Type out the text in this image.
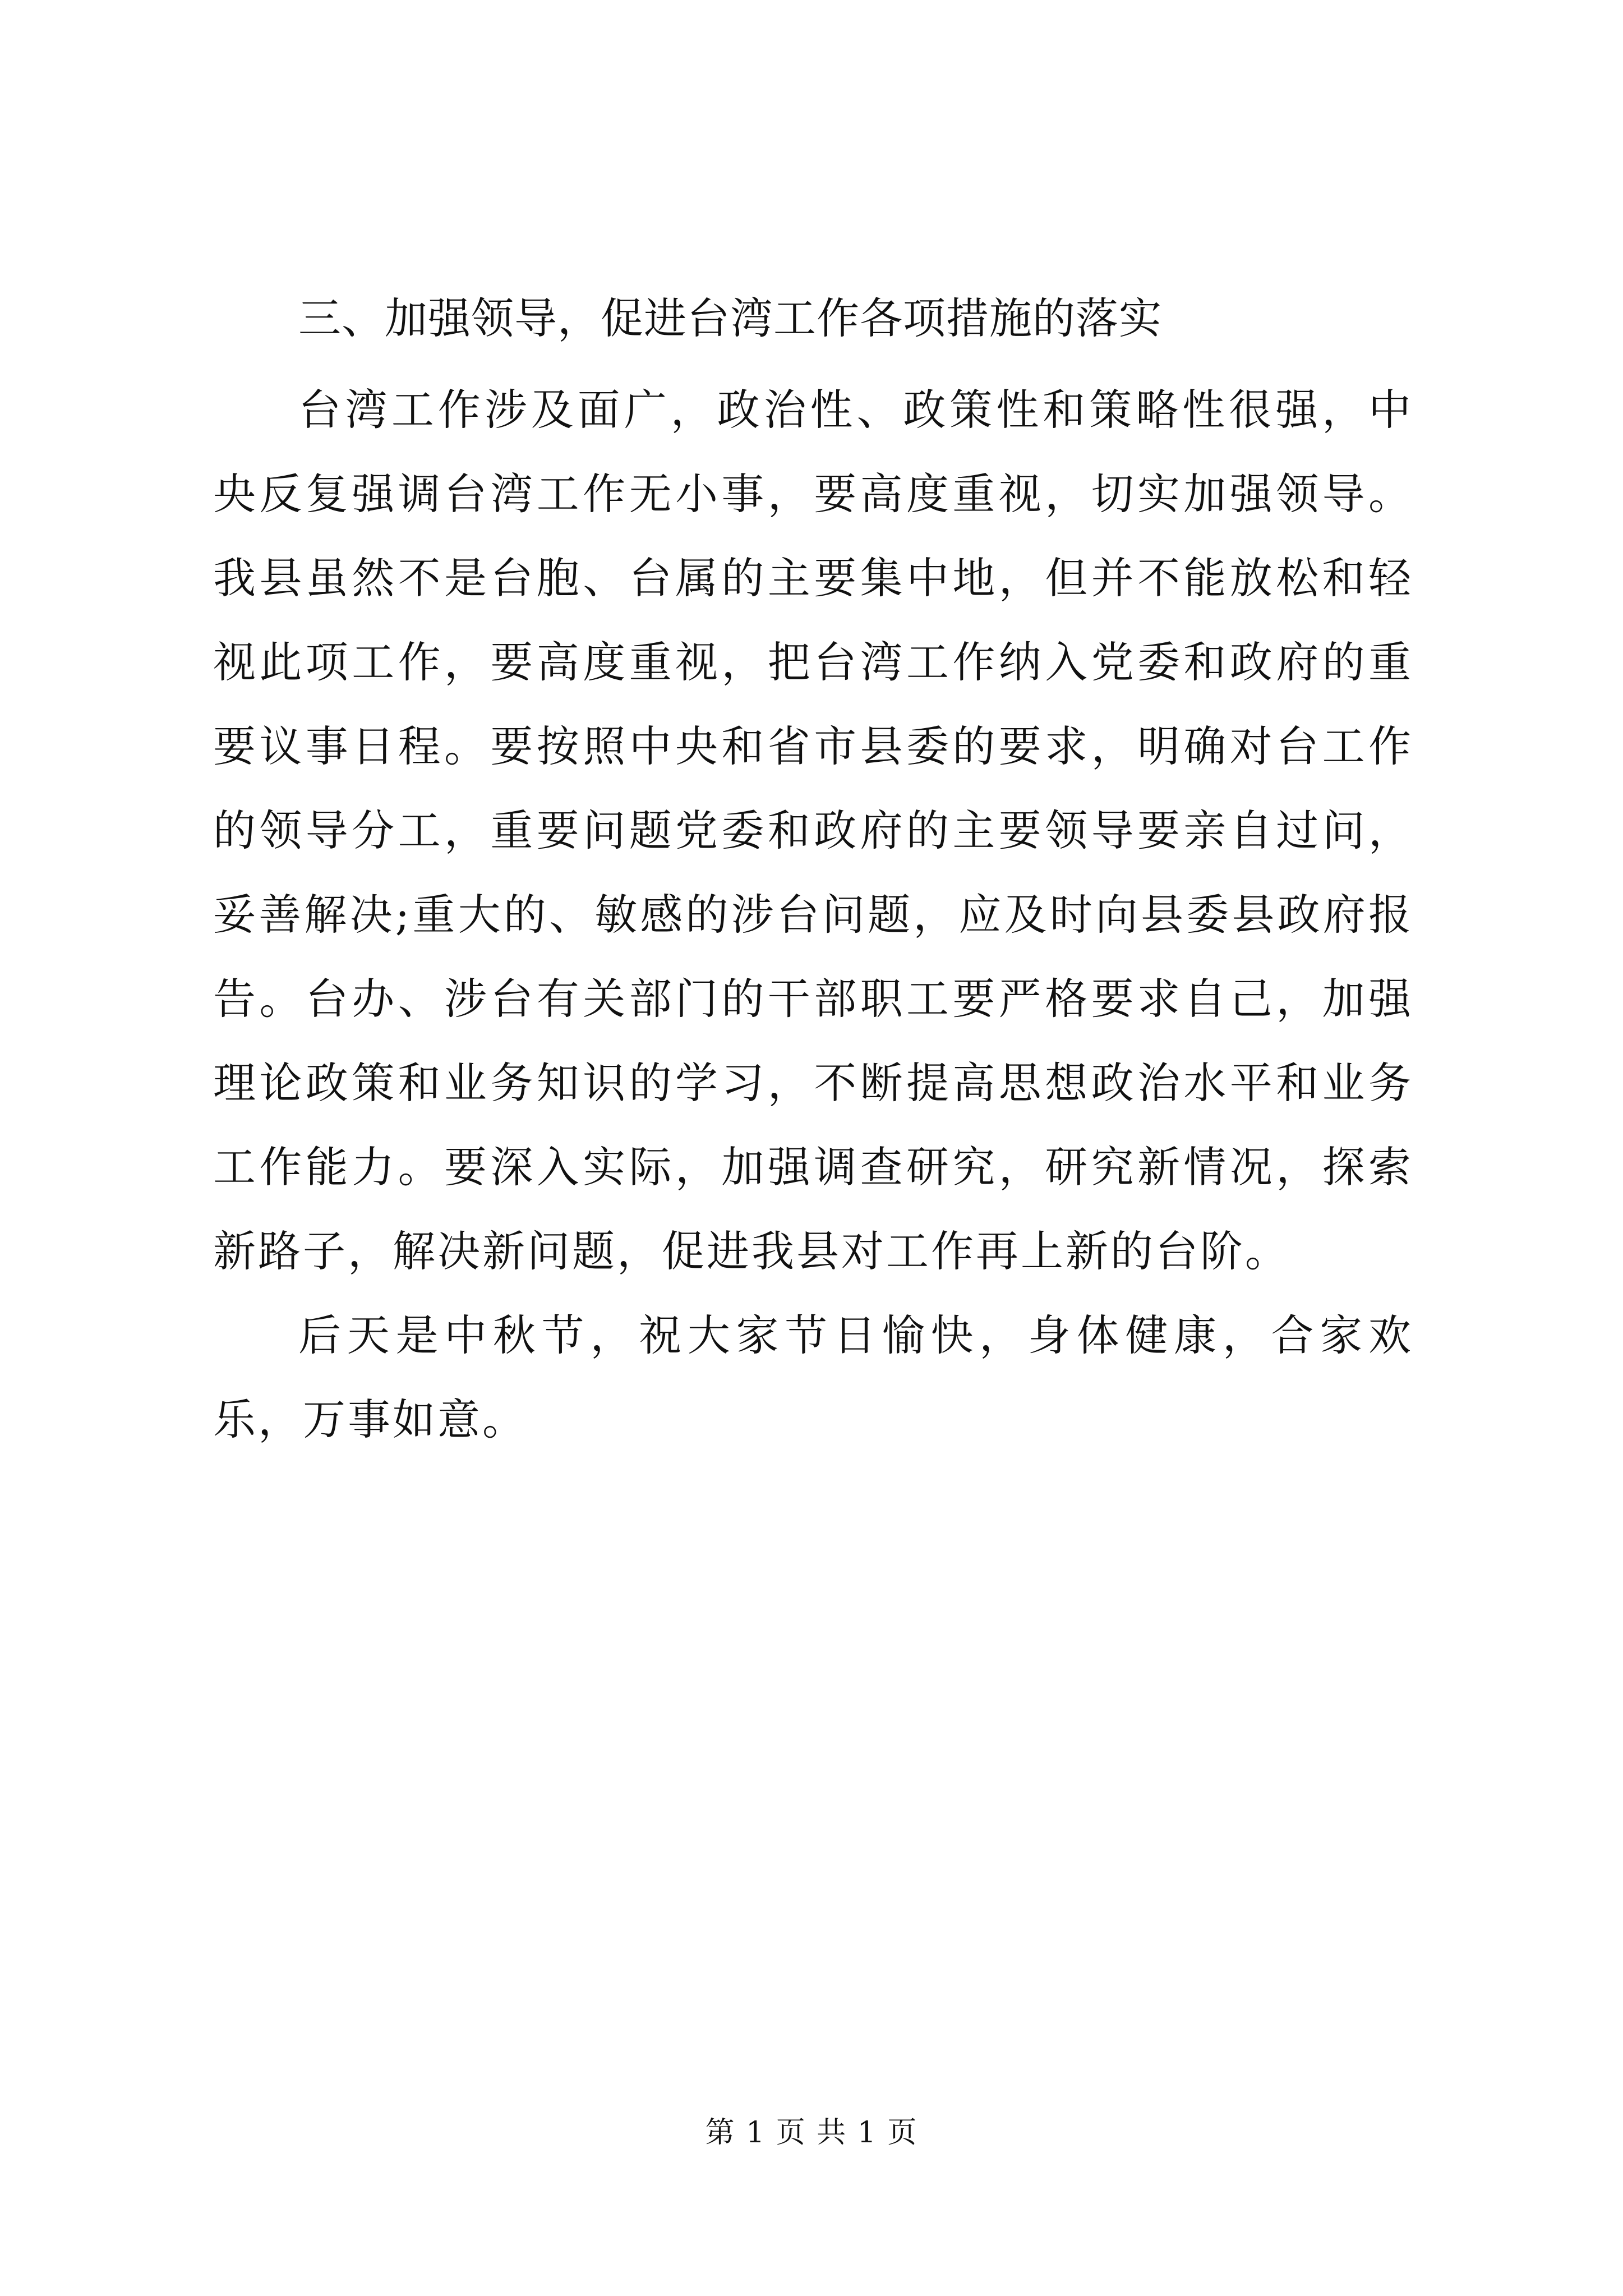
三、加强领导，促进台湾工作各项措施的落实

台湾工作涉及面广，政治性、政策性和策略性很强，中央反复强调台湾工作无小事，要高度重视，切实加强领导。我县虽然不是台胞、台属的主要集中地，但并不能放松和轻视此项工作，要高度重视，把台湾工作纳入党委和政府的重要议事日程。要按照中央和省市县委的要求，明确对台工作的领导分工，重要问题党委和政府的主要领导要亲自过问，妥善解决;重大的、敏感的涉台问题，应及时向县委县政府报告。台办、涉台有关部门的干部职工要严格要求自己，加强理论政策和业务知识的学习，不断提高思想政治水平和业务工作能力。要深入实际，加强调查研究，研究新情况，探索新路子，解决新问题，促进我县对工作再上新的台阶。

后天是中秋节，祝大家节日愉快，身体健康，合家欢乐，万事如意。

第 1 页 共 1 页
